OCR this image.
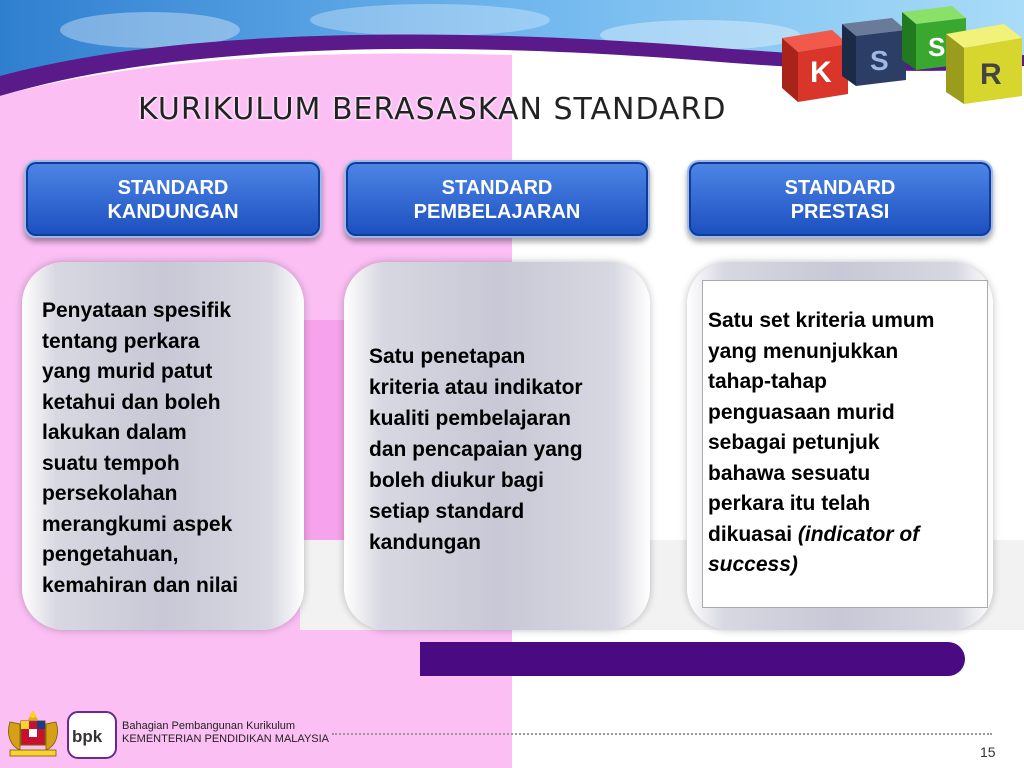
K S S
R
KURIKULUM BERASASKAN STANDARD
STANDARD
KANDUNGAN
STANDARD
PEMBELAJARAN
STANDARD
PRESTASI
Penyataan spesifik
tentang perkara
yang murid patut
ketahui dan boleh
lakukan dalam
suatu tempoh
persekolahan
merangkumi aspek
pengetahuan,
kemahiran dan nilai
Satu penetapan
kriteria atau indikator
kualiti pembelajaran
dan pencapaian yang
boleh diukur bagi
setiap standard
kandungan
Satu set kriteria umum
yang menunjukkan
tahap-tahap
penguasaan murid
sebagai petunjuk
bahawa sesuatu
perkara itu telah
dikuasai (indicator of
success)
bpk
Bahagian Pembangunan Kurikulum
KEMENTERIAN PENDIDIKAN MALAYSIA
15
